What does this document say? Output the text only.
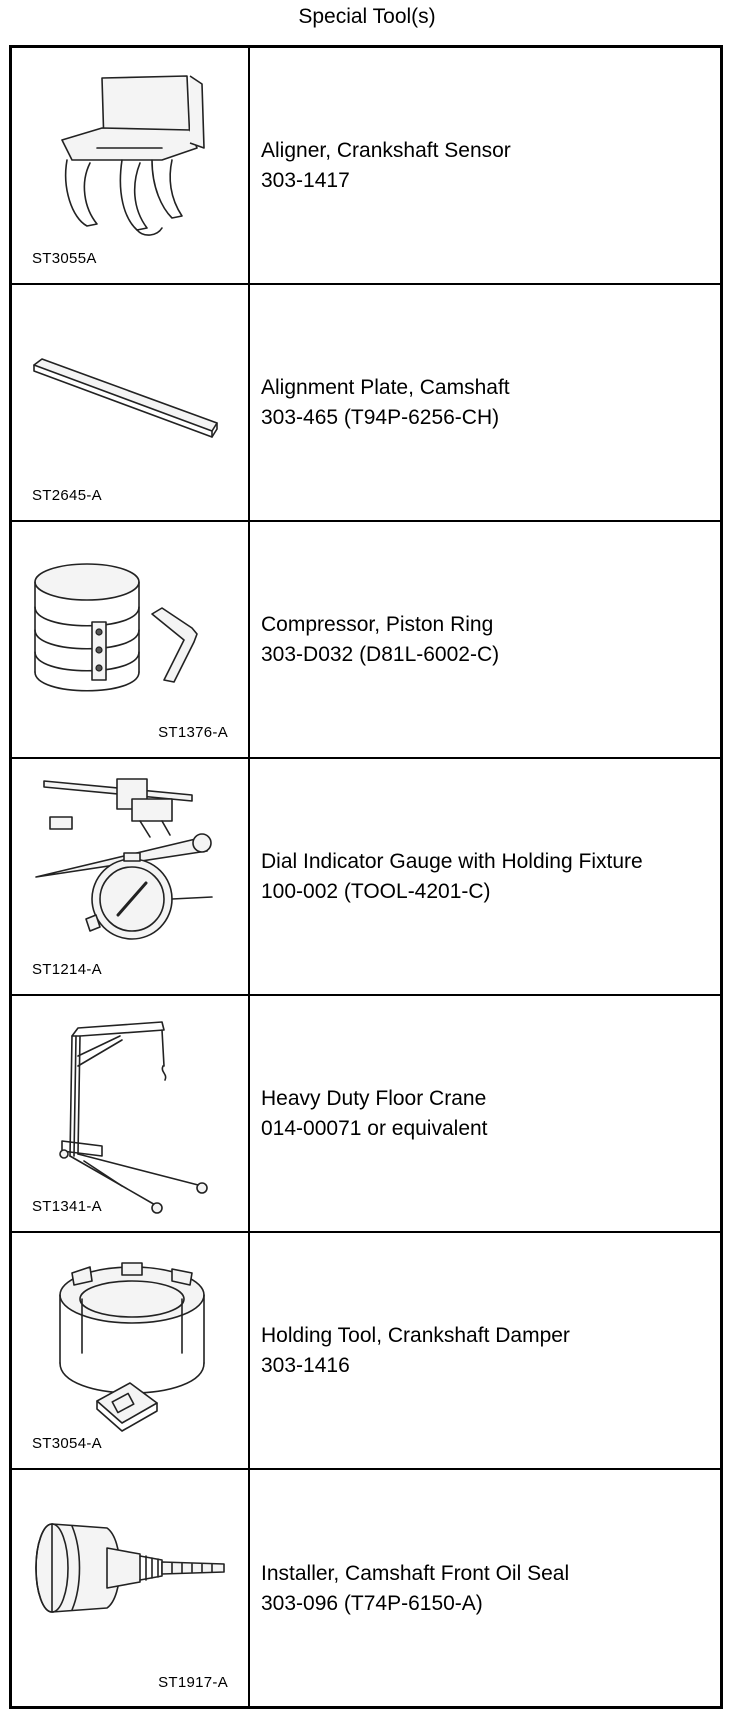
Special Tool(s)
ST3055A
Aligner, Crankshaft Sensor
303-1417
ST2645-A
Alignment Plate, Camshaft
303-465 (T94P-6256-CH)
ST1376-A
Compressor, Piston Ring
303-D032 (D81L-6002-C)
ST1214-A
Dial Indicator Gauge with Holding Fixture
100-002 (TOOL-4201-C)
ST1341-A
Heavy Duty Floor Crane
014-00071 or equivalent
ST3054-A
Holding Tool, Crankshaft Damper
303-1416
ST1917-A
Installer, Camshaft Front Oil Seal
303-096 (T74P-6150-A)
